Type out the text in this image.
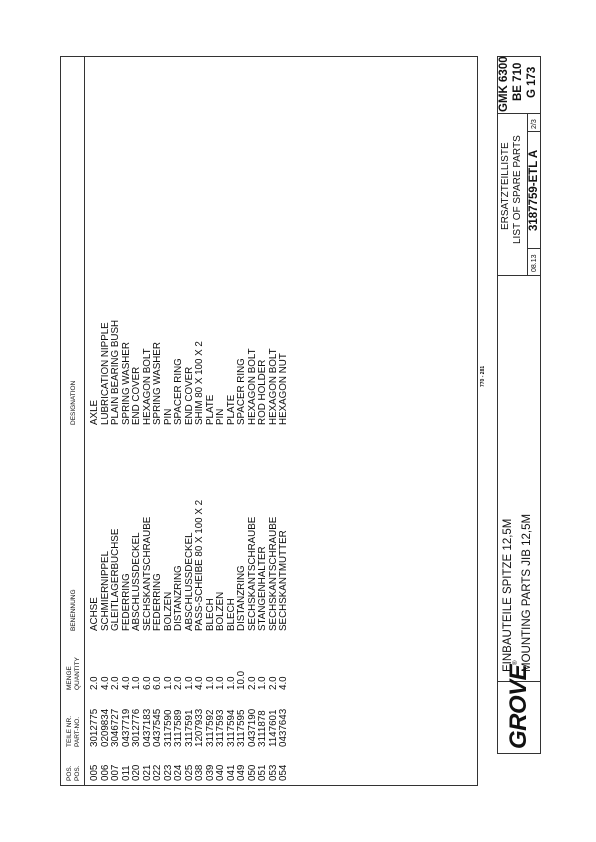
POS. POS.
TEILE NR. PART-NO.
MENGE QUANTITY
BENENNUNG
DESIGNATION
005 006 007 011 020 021 022 023 024 025 038 039 040 041 049 050 051 053 054
3012775 0209834 3046727 0437719 3012776 0437183 0437545 3117590 3117589 3117591 1207933 3117592 3117593 3117594 3117595 0437190 3111878 1147601 0437643
2.0 4.0 2.0 4.0 1.0 6.0 6.0 1.0 2.0 1.0 4.0 1.0 1.0 1.0 10.0 2.0 1.0 2.0 4.0
ACHSE SCHMIERNIPPEL GLEITLAGERBUCHSE FEDERRING ABSCHLUSSDECKEL SECHSKANTSCHRAUBE FEDERRING BOLZEN DISTANZRING ABSCHLUSSDECKEL PASS-SCHEIBE 80 X 100 X 2 BLECH BOLZEN BLECH DISTANZRING SECHSKANTSCHRAUBE STANGENHALTER SECHSKANTSCHRAUBE SECHSKANTMUTTER
AXLE LUBRICATION NIPPLE PLAIN BEARING BUSH SPRING WASHER END COVER HEXAGON BOLT SPRING WASHER PIN SPACER RING END COVER SHIM 80 X 100 X 2 PLATE PIN PLATE SPACER RING HEXAGON BOLT ROD HOLDER HEXAGON BOLT HEXAGON NUT	770 - 281
GROVE®
EINBAUTEILE SPITZE 12,5M MOUNTING PARTS JIB 12,5M
ERSATZTEILLISTE LIST OF SPARE PARTS
08.13
3187759-ETL A
2/3
GMK 6300 BE 710 G 173
